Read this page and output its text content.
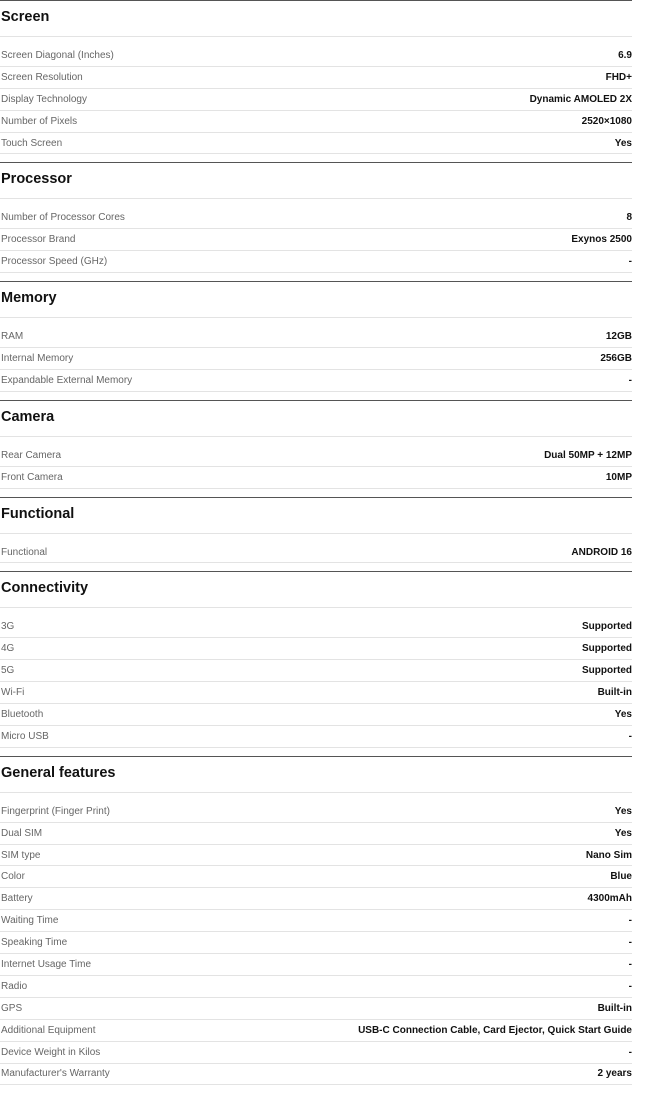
Screen
Screen Diagonal (Inches)	6.9
Screen Resolution	FHD+
Display Technology	Dynamic AMOLED 2X
Number of Pixels	2520×1080
Touch Screen	Yes
Processor
Number of Processor Cores	8
Processor Brand	Exynos 2500
Processor Speed (GHz)	-
Memory
RAM	12GB
Internal Memory	256GB
Expandable External Memory	-
Camera
Rear Camera	Dual 50MP + 12MP
Front Camera	10MP
Functional
Functional	ANDROID 16
Connectivity
3G	Supported
4G	Supported
5G	Supported
Wi-Fi	Built-in
Bluetooth	Yes
Micro USB	-
General features
Fingerprint (Finger Print)	Yes
Dual SIM	Yes
SIM type	Nano Sim
Color	Blue
Battery	4300mAh
Waiting Time	-
Speaking Time	-
Internet Usage Time	-
Radio	-
GPS	Built-in
Additional Equipment	USB-C Connection Cable, Card Ejector, Quick Start Guide
Device Weight in Kilos	-
Manufacturer's Warranty	2 years
